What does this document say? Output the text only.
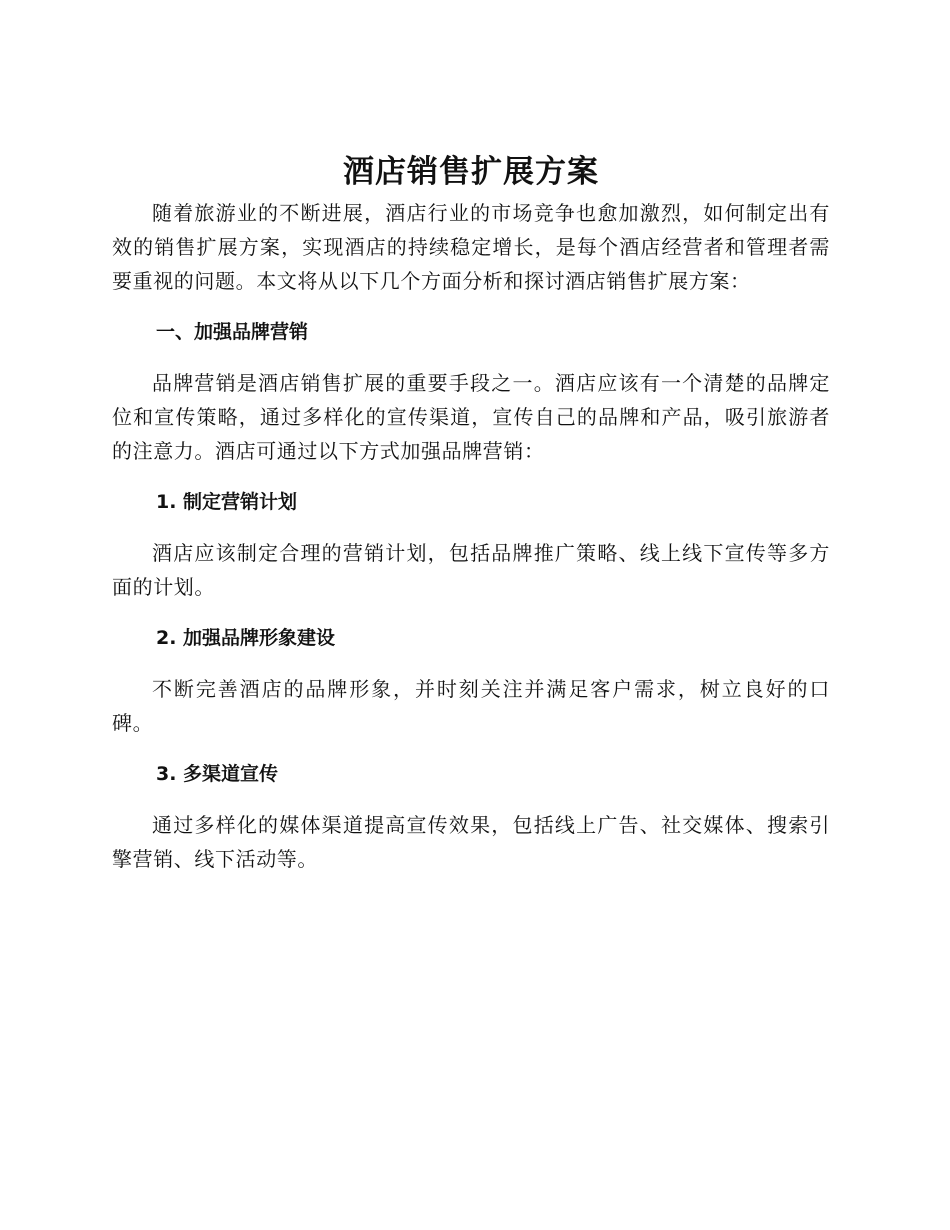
酒店销售扩展方案

随着旅游业的不断进展，酒店行业的市场竞争也愈加激烈，如何制定出有效的销售扩展方案，实现酒店的持续稳定增长，是每个酒店经营者和管理者需要重视的问题。本文将从以下几个方面分析和探讨酒店销售扩展方案：

一、加强品牌营销

品牌营销是酒店销售扩展的重要手段之一。酒店应该有一个清楚的品牌定位和宣传策略，通过多样化的宣传渠道，宣传自己的品牌和产品，吸引旅游者的注意力。酒店可通过以下方式加强品牌营销：

1. 制定营销计划

酒店应该制定合理的营销计划，包括品牌推广策略、线上线下宣传等多方面的计划。

2. 加强品牌形象建设

不断完善酒店的品牌形象，并时刻关注并满足客户需求，树立良好的口碑。

3. 多渠道宣传

通过多样化的媒体渠道提高宣传效果，包括线上广告、社交媒体、搜索引擎营销、线下活动等。
